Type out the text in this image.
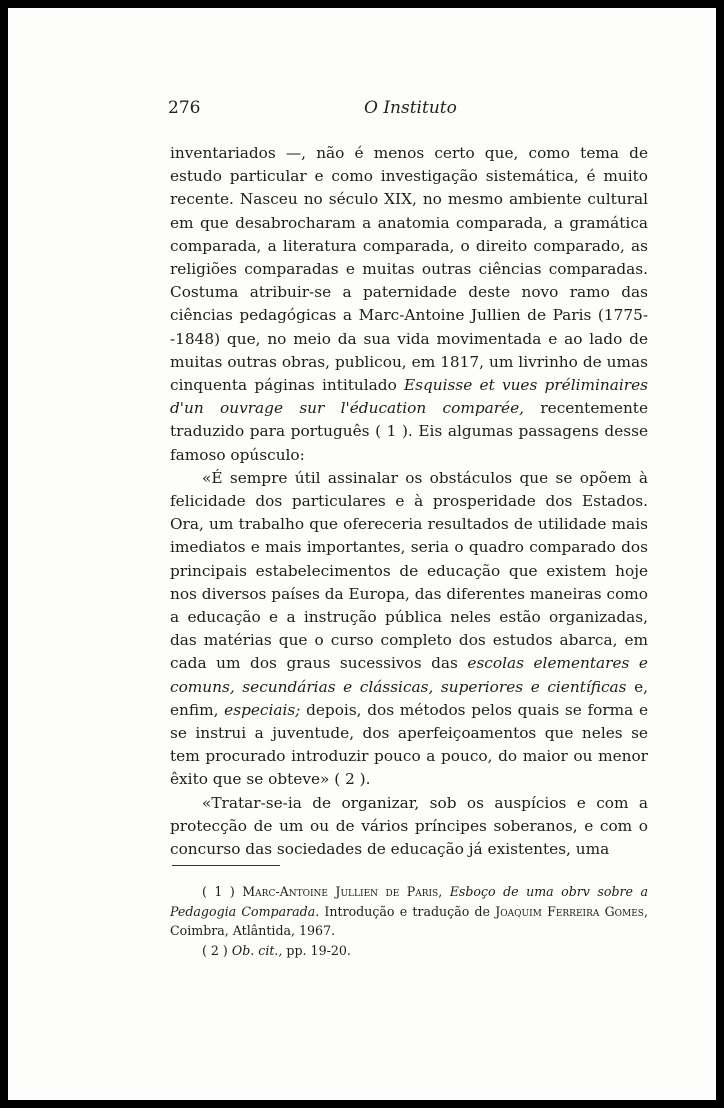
276	O Instituto

inventariados —, não é menos certo que, como tema de estudo particular e como investigação sistemática, é muito recente. Nasceu no século XIX, no mesmo ambiente cultural em que desabrocharam a anatomia comparada, a gramática comparada, a literatura comparada, o direito comparado, as religiões comparadas e muitas outras ciências comparadas. Costuma atribuir-se a paternidade deste novo ramo das ciências pedagógicas a Marc-Antoine Jullien de Paris (1775--1848) que, no meio da sua vida movimentada e ao lado de muitas outras obras, publicou, em 1817, um livrinho de umas cinquenta páginas intitulado Esquisse et vues préliminaires d'un ouvrage sur l'éducation comparée, recentemente traduzido para português ( 1 ). Eis algumas passagens desse famoso opúsculo:

«É sempre útil assinalar os obstáculos que se opõem à felicidade dos particulares e à prosperidade dos Estados. Ora, um trabalho que ofereceria resultados de utilidade mais imediatos e mais importantes, seria o quadro comparado dos principais estabelecimentos de educação que existem hoje nos diversos países da Europa, das diferentes maneiras como a educação e a instrução pública neles estão organizadas, das matérias que o curso completo dos estudos abarca, em cada um dos graus sucessivos das escolas elementares e comuns, secundárias e clássicas, superiores e científicas e, enfim, especiais; depois, dos métodos pelos quais se forma e se instrui a juventude, dos aperfeiçoamentos que neles se tem procurado introduzir pouco a pouco, do maior ou menor êxito que se obteve» ( 2 ).

«Tratar-se-ia de organizar, sob os auspícios e com a protecção de um ou de vários príncipes soberanos, e com o concurso das sociedades de educação já existentes, uma

( 1 ) Marc-Antoine Jullien de Paris, Esboço de uma obrv sobre a Pedagogia Comparada. Introdução e tradução de Joaquim Ferreira Gomes, Coimbra, Atlântida, 1967.

( 2 ) Ob. cit., pp. 19-20.
